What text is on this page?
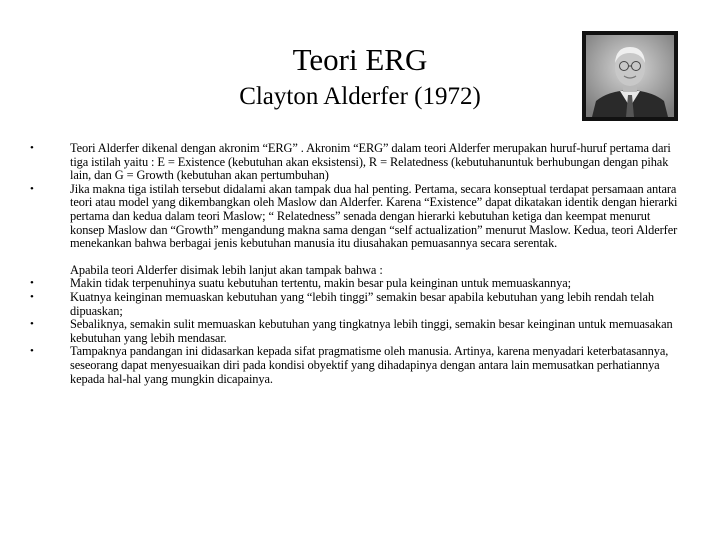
Teori ERG
Clayton Alderfer (1972)
•	Teori Alderfer dikenal dengan akronim “ERG” . Akronim “ERG” dalam teori Alderfer merupakan huruf-huruf pertama dari tiga istilah yaitu : E = Existence (kebutuhan akan eksistensi), R = Relatedness (kebutuhanuntuk berhubungan dengan pihak lain, dan G = Growth (kebutuhan akan pertumbuhan)
•	Jika makna tiga istilah tersebut didalami akan tampak dua hal penting. Pertama, secara konseptual terdapat persamaan antara teori atau model yang dikembangkan oleh Maslow dan Alderfer. Karena “Existence” dapat dikatakan identik dengan hierarki pertama dan kedua dalam teori Maslow; “ Relatedness” senada dengan hierarki kebutuhan ketiga dan keempat menurut konsep Maslow dan “Growth” mengandung makna sama dengan “self actualization” menurut Maslow. Kedua, teori Alderfer menekankan bahwa berbagai jenis kebutuhan manusia itu diusahakan pemuasannya secara serentak.
Apabila teori Alderfer disimak lebih lanjut akan tampak bahwa :
•	Makin tidak terpenuhinya suatu kebutuhan tertentu, makin besar pula keinginan untuk memuaskannya;
•	Kuatnya keinginan memuaskan kebutuhan yang “lebih tinggi” semakin besar apabila kebutuhan yang lebih rendah telah dipuaskan;
•	Sebaliknya, semakin sulit memuaskan kebutuhan yang tingkatnya lebih tinggi, semakin besar keinginan untuk memuasakan kebutuhan yang lebih mendasar.
•	Tampaknya pandangan ini didasarkan kepada sifat pragmatisme oleh manusia. Artinya, karena menyadari keterbatasannya, seseorang dapat menyesuaikan diri pada kondisi obyektif yang dihadapinya dengan antara lain memusatkan perhatiannya kepada hal-hal yang mungkin dicapainya.
